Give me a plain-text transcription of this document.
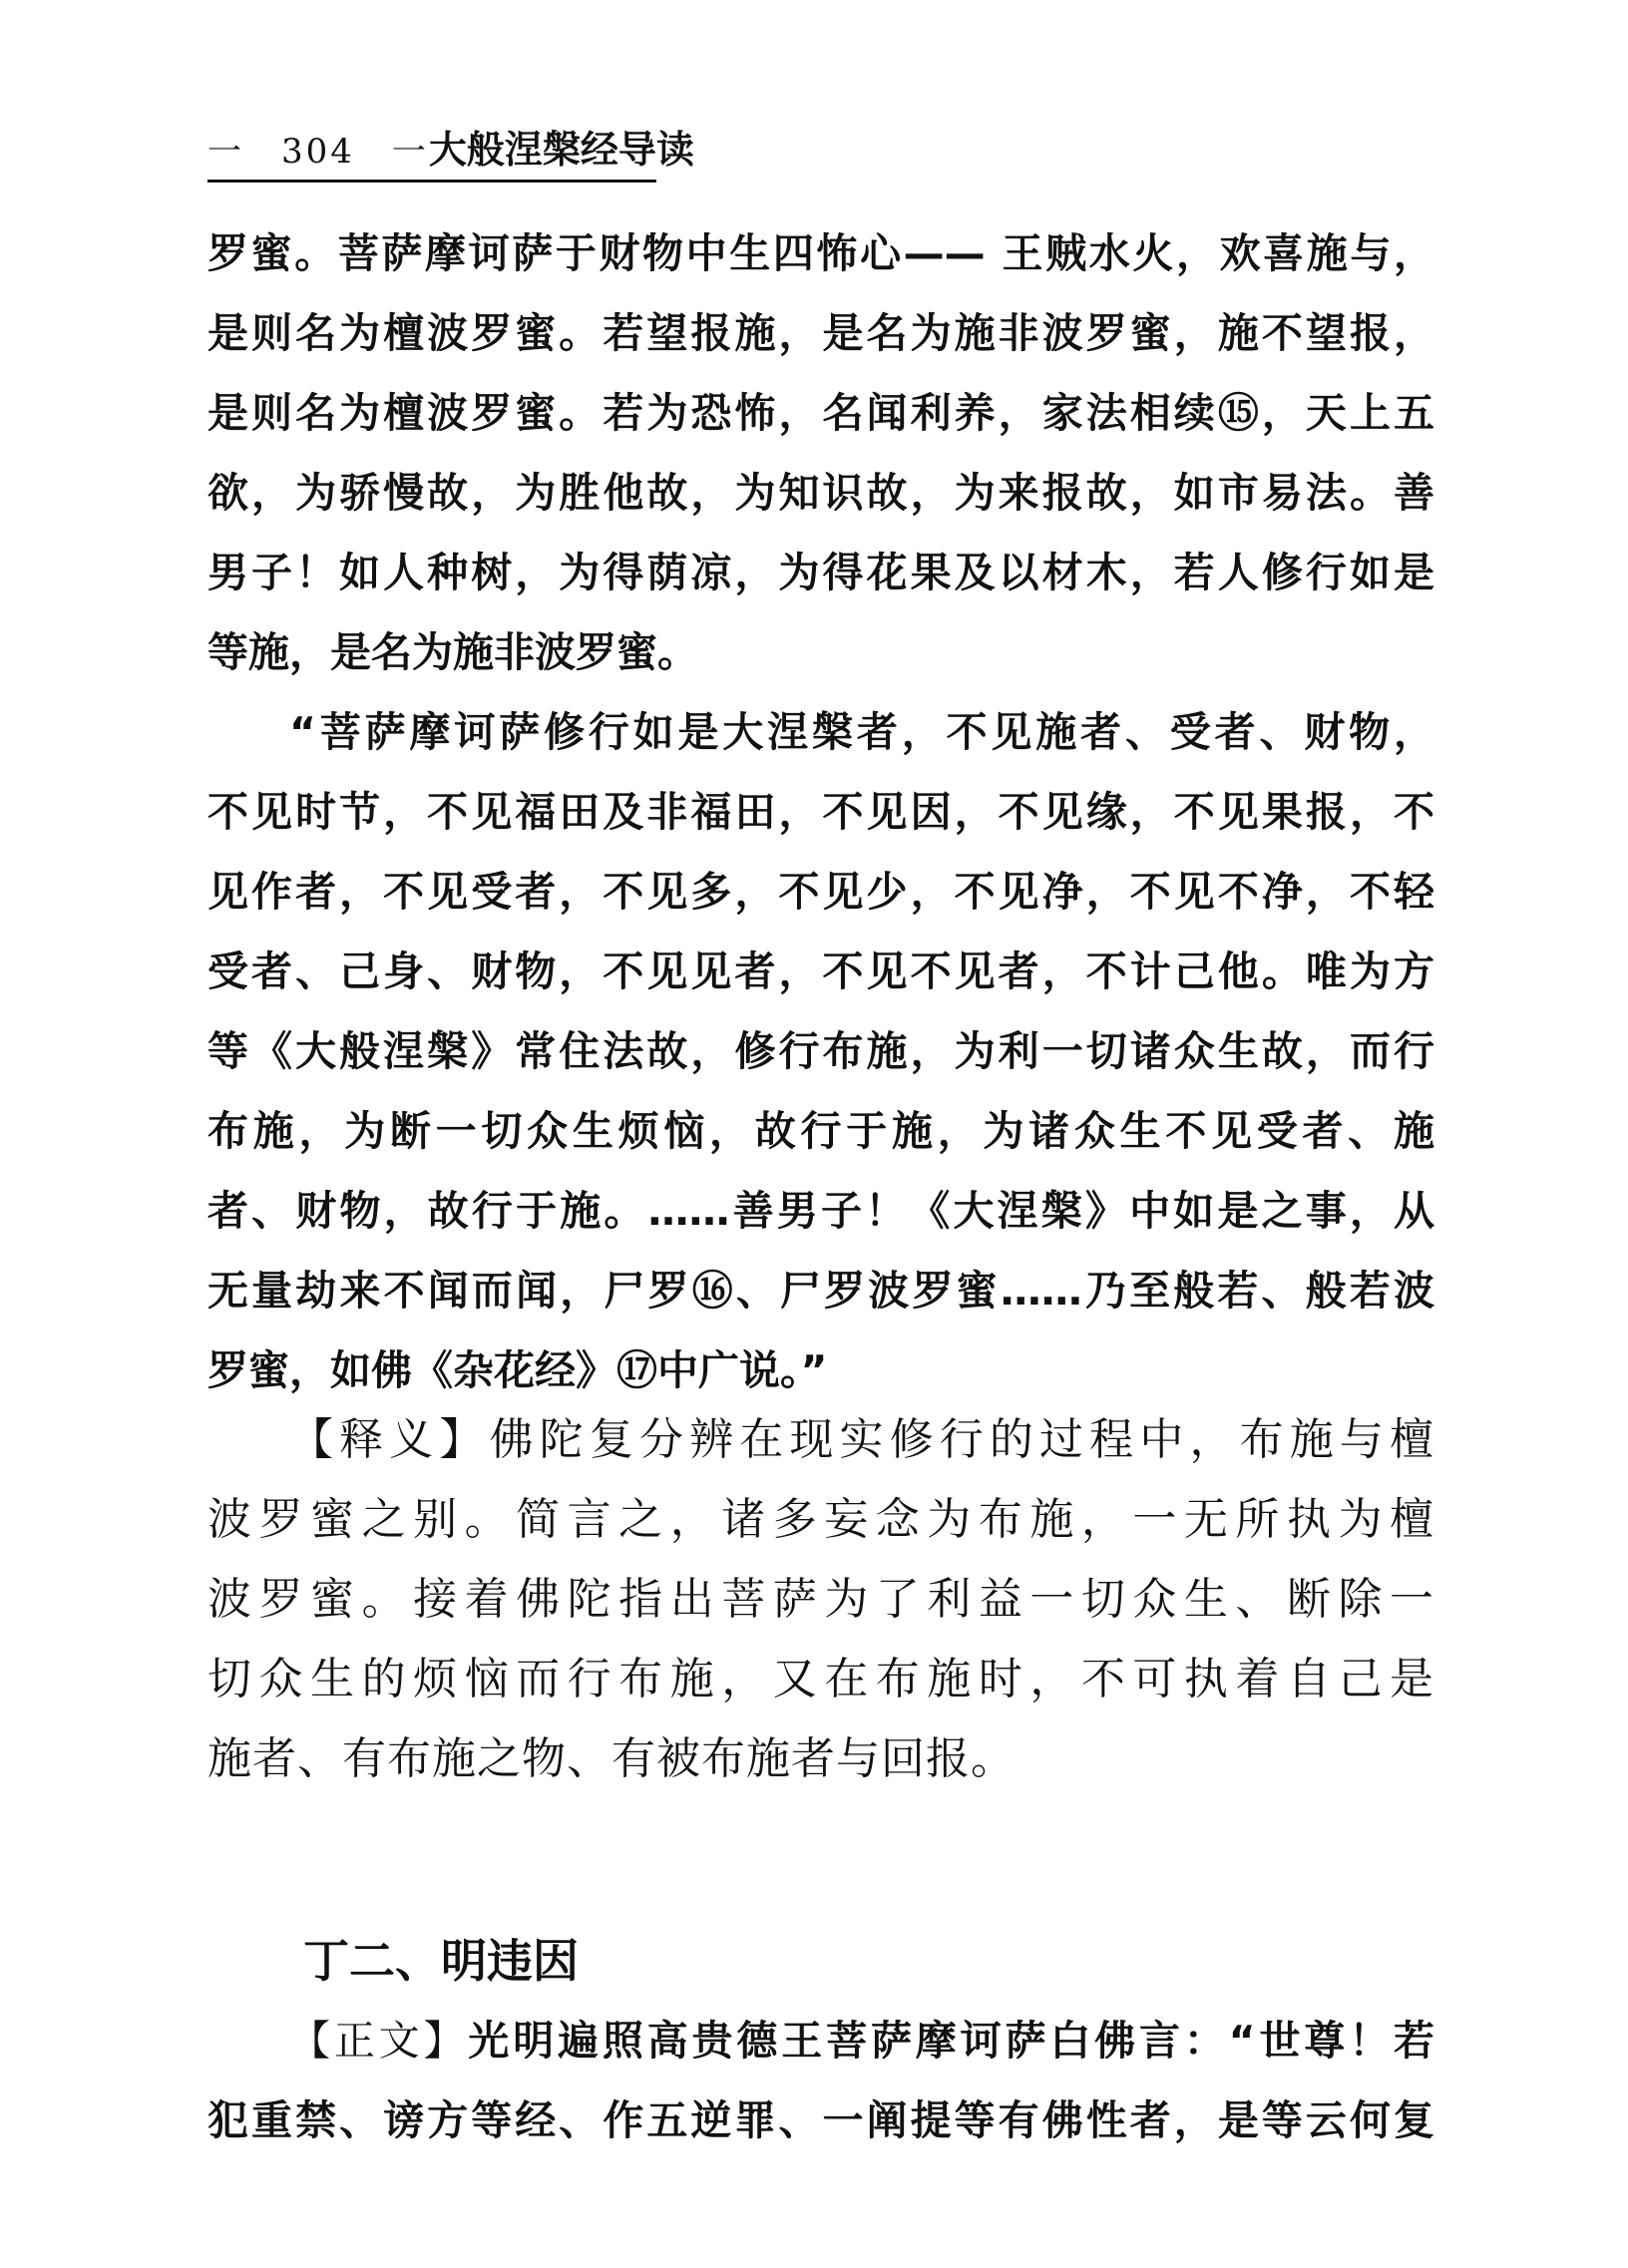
一　304　一大般涅槃经导读
罗蜜。菩萨摩诃萨于财物中生四怖心—— 王贼水火，欢喜施与，
是则名为檀波罗蜜。若望报施，是名为施非波罗蜜，施不望报，
是则名为檀波罗蜜。若为恐怖，名闻利养，家法相续⑮，天上五
欲，为骄慢故，为胜他故，为知识故，为来报故，如市易法。善
男子！如人种树，为得荫凉，为得花果及以材木，若人修行如是
等施，是名为施非波罗蜜。
“菩萨摩诃萨修行如是大涅槃者，不见施者、受者、财物，
不见时节，不见福田及非福田，不见因，不见缘，不见果报，不
见作者，不见受者，不见多，不见少，不见净，不见不净，不轻
受者、己身、财物，不见见者，不见不见者，不计己他。唯为方
等《大般涅槃》常住法故，修行布施，为利一切诸众生故，而行
布施，为断一切众生烦恼，故行于施，为诸众生不见受者、施
者、财物，故行于施。……善男子！《大涅槃》中如是之事，从
无量劫来不闻而闻，尸罗⑯、尸罗波罗蜜……乃至般若、般若波
罗蜜，如佛《杂花经》⑰中广说。”
【释义】佛陀复分辨在现实修行的过程中，布施与檀
波罗蜜之别。简言之，诸多妄念为布施，一无所执为檀
波罗蜜。接着佛陀指出菩萨为了利益一切众生、断除一
切众生的烦恼而行布施，又在布施时，不可执着自己是
施者、有布施之物、有被布施者与回报。
丁二、明违因
【正文】光明遍照高贵德王菩萨摩诃萨白佛言：“世尊！若
犯重禁、谤方等经、作五逆罪、一阐提等有佛性者，是等云何复
